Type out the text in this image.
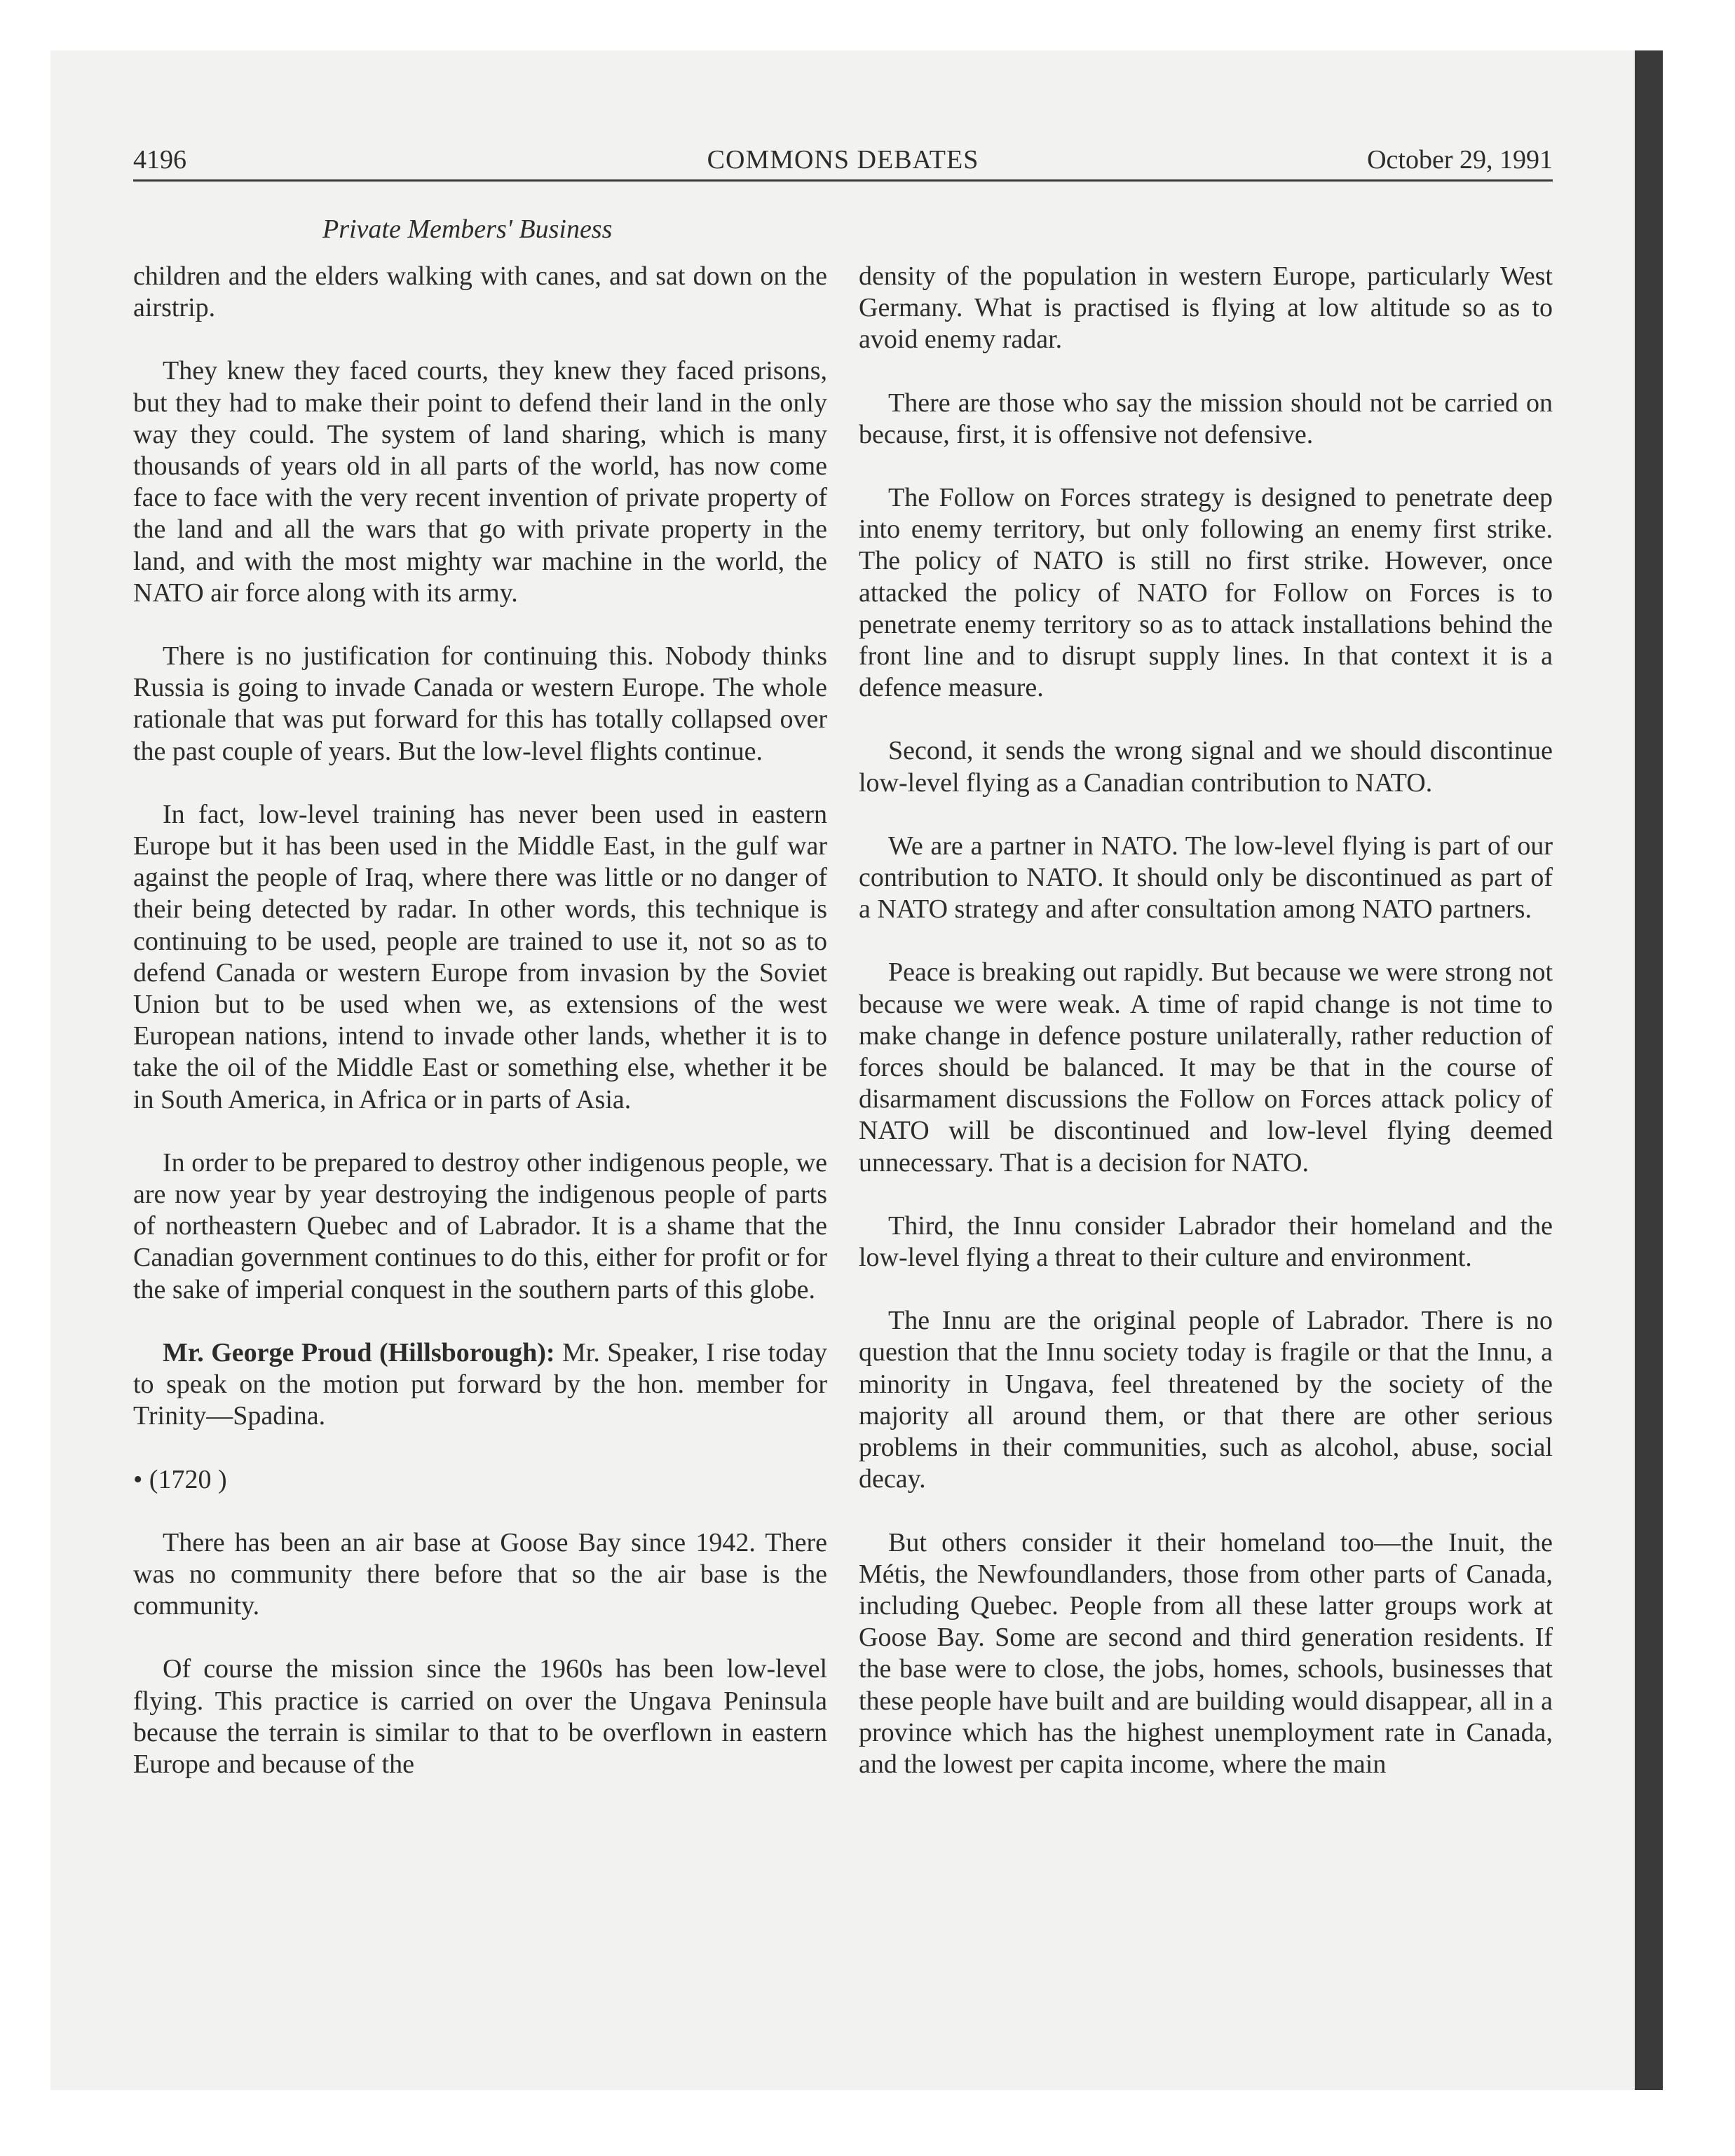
4196	COMMONS DEBATES	October 29, 1991
Private Members' Business

children and the elders walking with canes, and sat down on the airstrip.

They knew they faced courts, they knew they faced prisons, but they had to make their point to defend their land in the only way they could. The system of land sharing, which is many thousands of years old in all parts of the world, has now come face to face with the very recent invention of private property of the land and all the wars that go with private property in the land, and with the most mighty war machine in the world, the NATO air force along with its army.

There is no justification for continuing this. Nobody thinks Russia is going to invade Canada or western Europe. The whole rationale that was put forward for this has totally collapsed over the past couple of years. But the low-level flights continue.

In fact, low-level training has never been used in eastern Europe but it has been used in the Middle East, in the gulf war against the people of Iraq, where there was little or no danger of their being detected by radar. In other words, this technique is continuing to be used, people are trained to use it, not so as to defend Canada or western Europe from invasion by the Soviet Union but to be used when we, as extensions of the west European nations, intend to invade other lands, whether it is to take the oil of the Middle East or something else, whether it be in South America, in Africa or in parts of Asia.

In order to be prepared to destroy other indigenous people, we are now year by year destroying the indigenous people of parts of northeastern Quebec and of Labrador. It is a shame that the Canadian government continues to do this, either for profit or for the sake of imperial conquest in the southern parts of this globe.

Mr. George Proud (Hillsborough): Mr. Speaker, I rise today to speak on the motion put forward by the hon. member for Trinity—Spadina.

• (1720 )

There has been an air base at Goose Bay since 1942. There was no community there before that so the air base is the community.

Of course the mission since the 1960s has been low-level flying. This practice is carried on over the Ungava Peninsula because the terrain is similar to that to be overflown in eastern Europe and because of the

density of the population in western Europe, particularly West Germany. What is practised is flying at low altitude so as to avoid enemy radar.

There are those who say the mission should not be carried on because, first, it is offensive not defensive.

The Follow on Forces strategy is designed to penetrate deep into enemy territory, but only following an enemy first strike. The policy of NATO is still no first strike. However, once attacked the policy of NATO for Follow on Forces is to penetrate enemy territory so as to attack installations behind the front line and to disrupt supply lines. In that context it is a defence measure.

Second, it sends the wrong signal and we should discontinue low-level flying as a Canadian contribution to NATO.

We are a partner in NATO. The low-level flying is part of our contribution to NATO. It should only be discontinued as part of a NATO strategy and after consultation among NATO partners.

Peace is breaking out rapidly. But because we were strong not because we were weak. A time of rapid change is not time to make change in defence posture unilaterally, rather reduction of forces should be balanced. It may be that in the course of disarmament discussions the Follow on Forces attack policy of NATO will be discontinued and low-level flying deemed unnecessary. That is a decision for NATO.

Third, the Innu consider Labrador their homeland and the low-level flying a threat to their culture and environment.

The Innu are the original people of Labrador. There is no question that the Innu society today is fragile or that the Innu, a minority in Ungava, feel threatened by the society of the majority all around them, or that there are other serious problems in their communities, such as alcohol, abuse, social decay.

But others consider it their homeland too—the Inuit, the Métis, the Newfoundlanders, those from other parts of Canada, including Quebec. People from all these latter groups work at Goose Bay. Some are second and third generation residents. If the base were to close, the jobs, homes, schools, businesses that these people have built and are building would disappear, all in a province which has the highest unemployment rate in Canada, and the lowest per capita income, where the main
